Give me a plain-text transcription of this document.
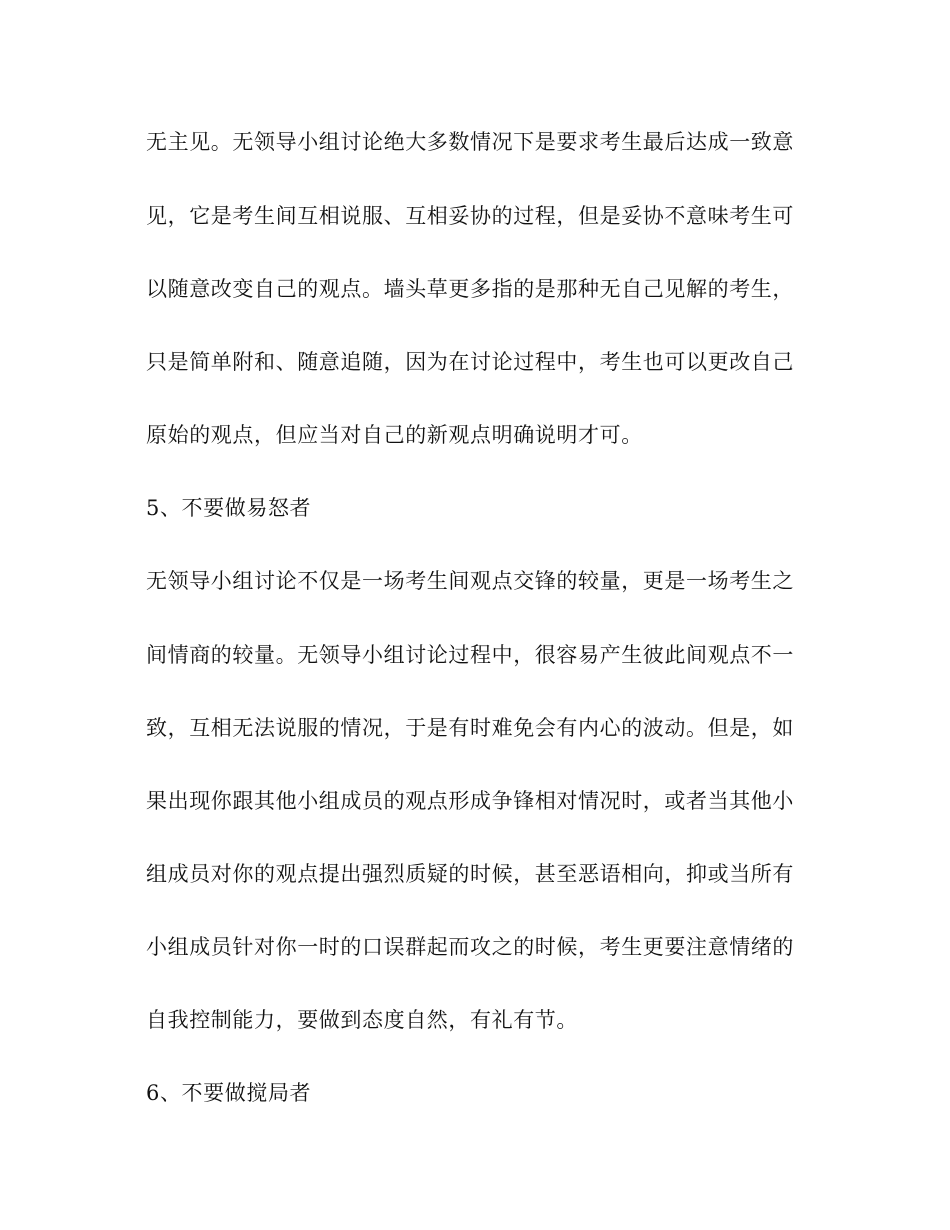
无主见。无领导小组讨论绝大多数情况下是要求考生最后达成一致意
见，它是考生间互相说服、互相妥协的过程，但是妥协不意味考生可
以随意改变自己的观点。墙头草更多指的是那种无自己见解的考生，
只是简单附和、随意追随，因为在讨论过程中，考生也可以更改自己
原始的观点，但应当对自己的新观点明确说明才可。
5、不要做易怒者
无领导小组讨论不仅是一场考生间观点交锋的较量，更是一场考生之
间情商的较量。无领导小组讨论过程中，很容易产生彼此间观点不一
致，互相无法说服的情况，于是有时难免会有内心的波动。但是，如
果出现你跟其他小组成员的观点形成争锋相对情况时，或者当其他小
组成员对你的观点提出强烈质疑的时候，甚至恶语相向，抑或当所有
小组成员针对你一时的口误群起而攻之的时候，考生更要注意情绪的
自我控制能力，要做到态度自然，有礼有节。
6、不要做搅局者
